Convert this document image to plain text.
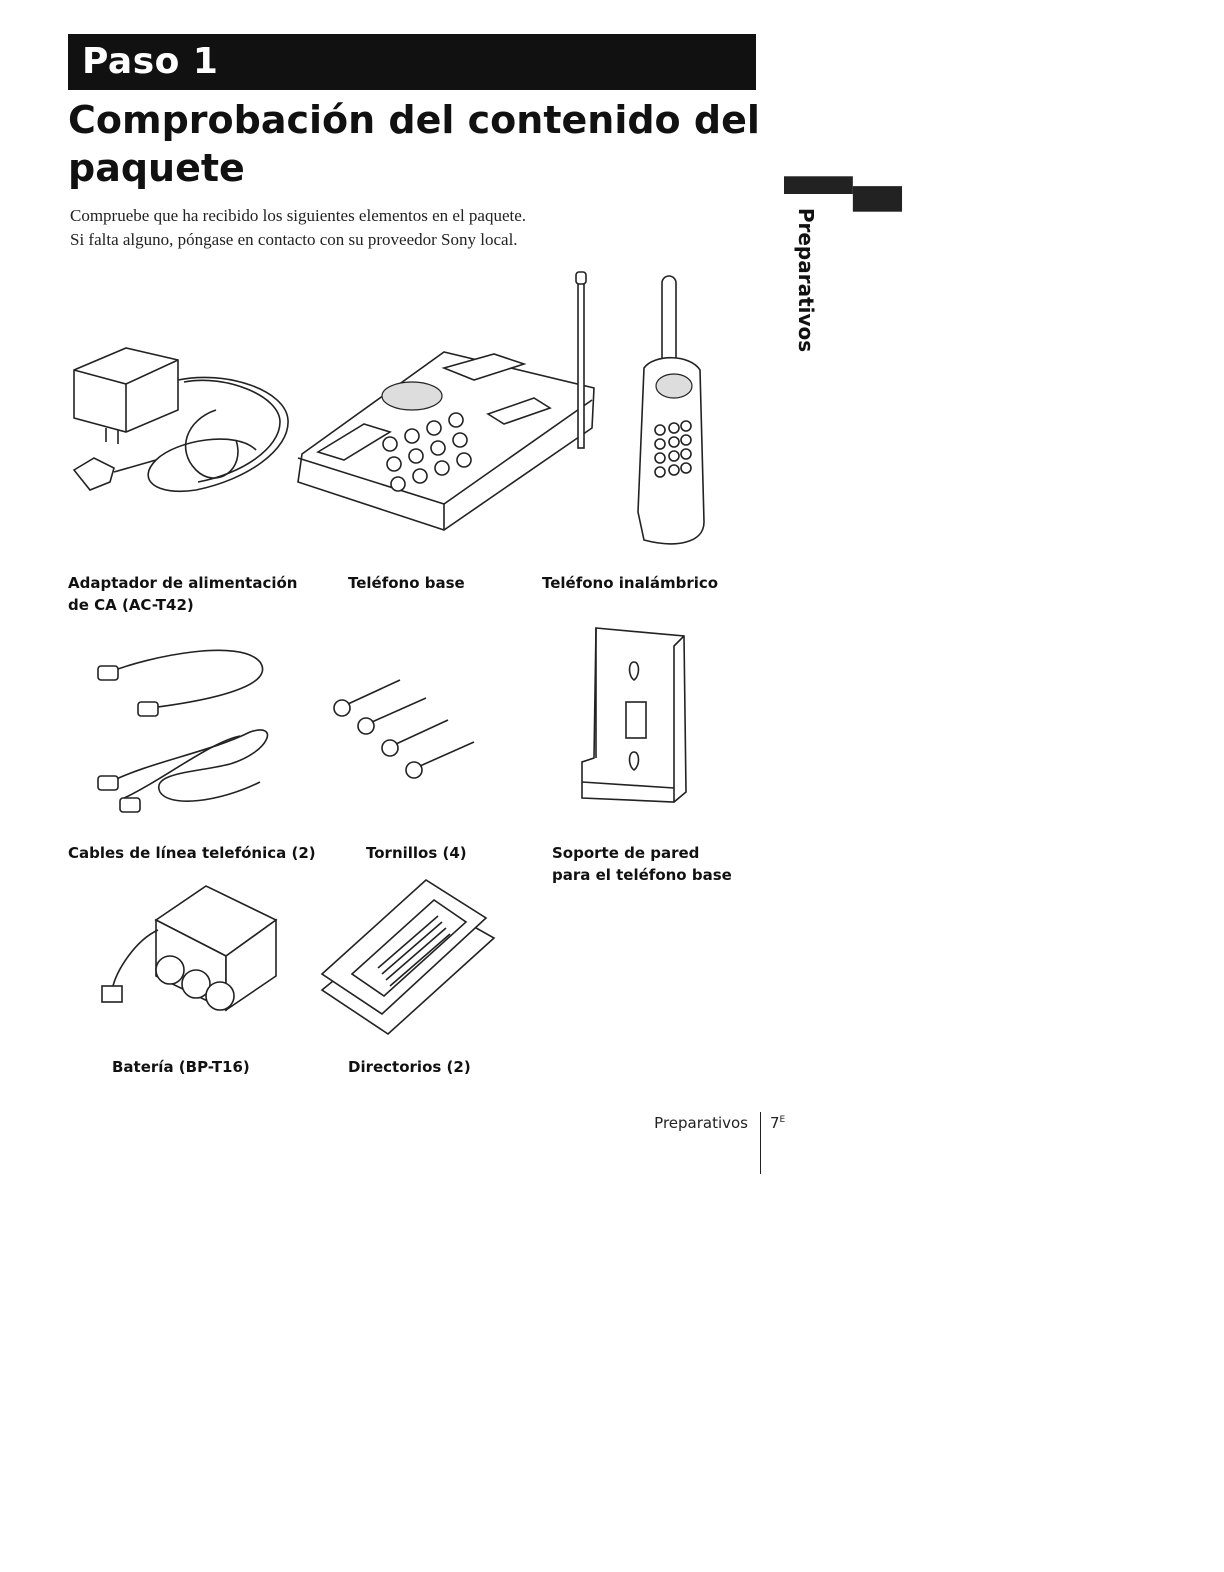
Paso 1
Comprobación del contenido del
paquete

Compruebe que ha recibido los siguientes elementos en el paquete.

Si falta alguno, póngase en contacto con su proveedor Sony local.	Preparativos
Adaptador de alimentación
de CA (AC-T42)
Teléfono base	Teléfono inalámbrico
Cables de línea telefónica (2)	Tornillos (4)	Soporte de pared
para el teléfono base
Batería (BP-T16)	Directorios (2)
Preparativos $7^E$
